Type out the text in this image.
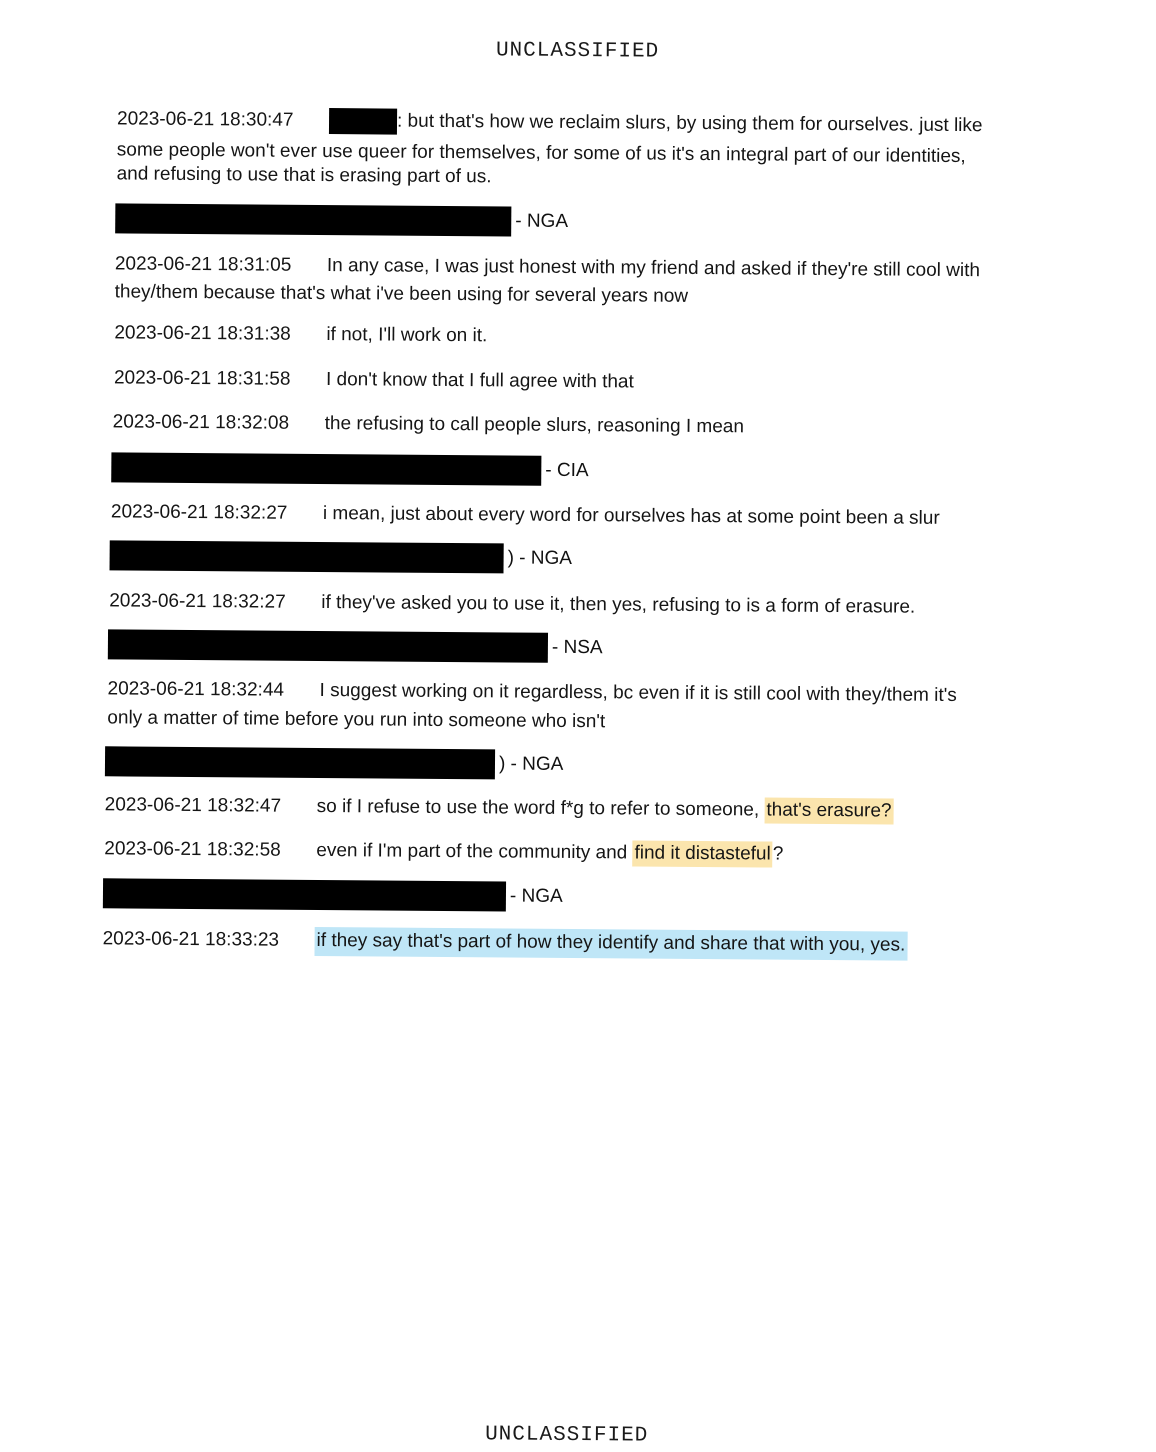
UNCLASSIFIED
2023-06-21 18:30:47	: but that's how we reclaim slurs, by using them for ourselves. just like
some people won't ever use queer for themselves, for some of us it's an integral part of our identities,
and refusing to use that is erasing part of us.
- NGA
2023-06-21 18:31:05 In any case, I was just honest with my friend and asked if they're still cool with
they/them because that's what i've been using for several years now
2023-06-21 18:31:38 if not, I'll work on it.
2023-06-21 18:31:58 I don't know that I full agree with that
2023-06-21 18:32:08 the refusing to call people slurs, reasoning I mean
- CIA
2023-06-21 18:32:27 i mean, just about every word for ourselves has at some point been a slur
) - NGA
2023-06-21 18:32:27 if they've asked you to use it, then yes, refusing to is a form of erasure.
- NSA
2023-06-21 18:32:44 I suggest working on it regardless, bc even if it is still cool with they/them it's
only a matter of time before you run into someone who isn't
) - NGA
2023-06-21 18:32:47 so if I refuse to use the word f*g to refer to someone, that's erasure?
2023-06-21 18:32:58 even if I'm part of the community and find it distasteful?
- NGA
2023-06-21 18:33:23 if they say that's part of how they identify and share that with you, yes.
UNCLASSIFIED
